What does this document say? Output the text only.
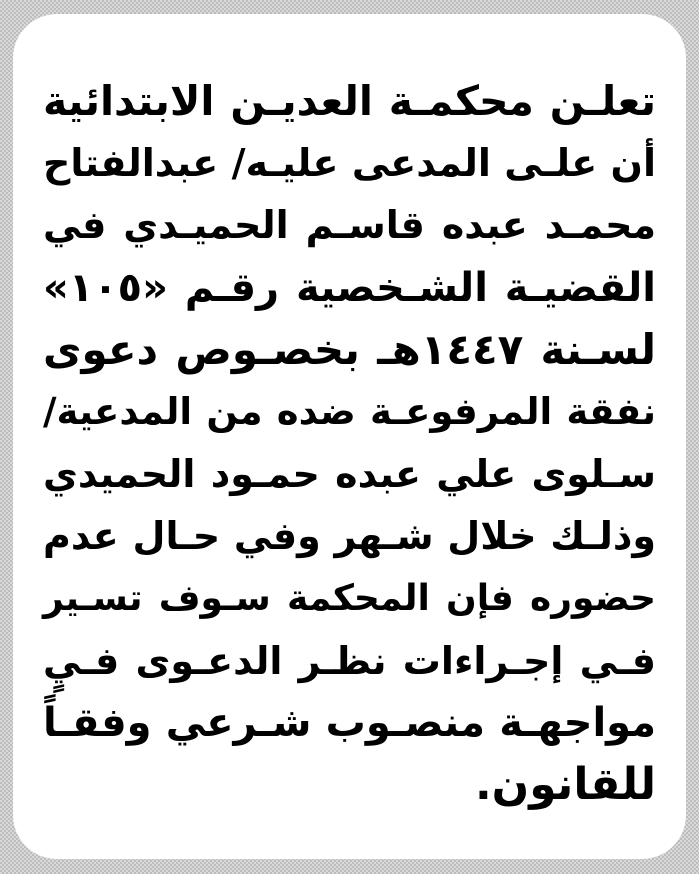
تعلـن محكمـة العديـن الابتدائية
أن علـى المدعى عليـه/ عبدالفتاح
محمـد عبده قاسـم الحميـدي في
القضيـة الشـخصية رقـم «١٠٥»
لسـنة ١٤٤٧هـ بخصـوص دعوى
نفقة المرفوعـة ضده من المدعية/
سـلوى علي عبده حمـود الحميدي
وذلـك خلال شـهر وفي حـال عدم
حضوره فإن المحكمة سـوف تسـير
فـي إجـراءات نظـر الدعـوى فـيٍ
مواجهـة منصـوب شـرعي وفقـاً
للقانون.
